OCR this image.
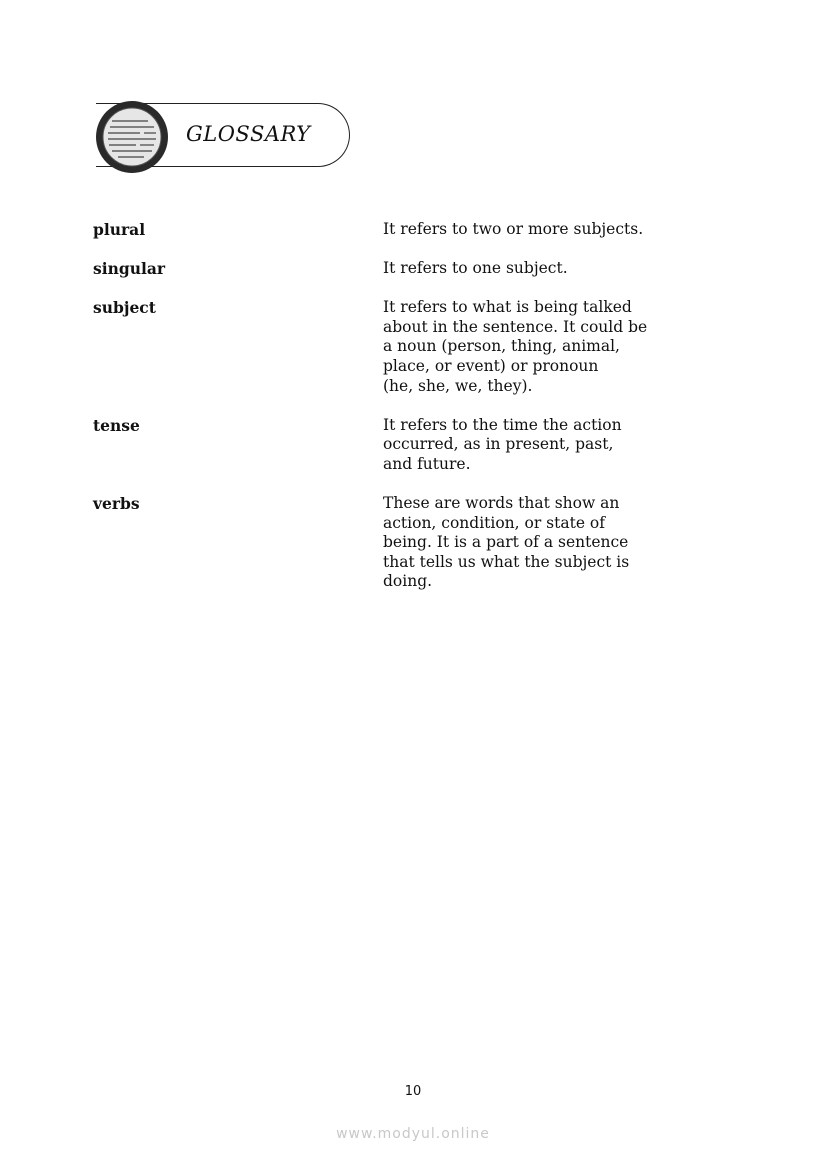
GLOSSARY
plural	It refers to two or more subjects.
singular	It refers to one subject.
subject	It refers to what is being talked
about in the sentence. It could be
a noun (person, thing, animal,
place, or event) or pronoun
(he, she, we, they).
tense	It refers to the time the action
occurred, as in present, past,
and future.
verbs	These are words that show an
action, condition, or state of
being. It is a part of a sentence
that tells us what the subject is
doing.
10
www.modyul.online
